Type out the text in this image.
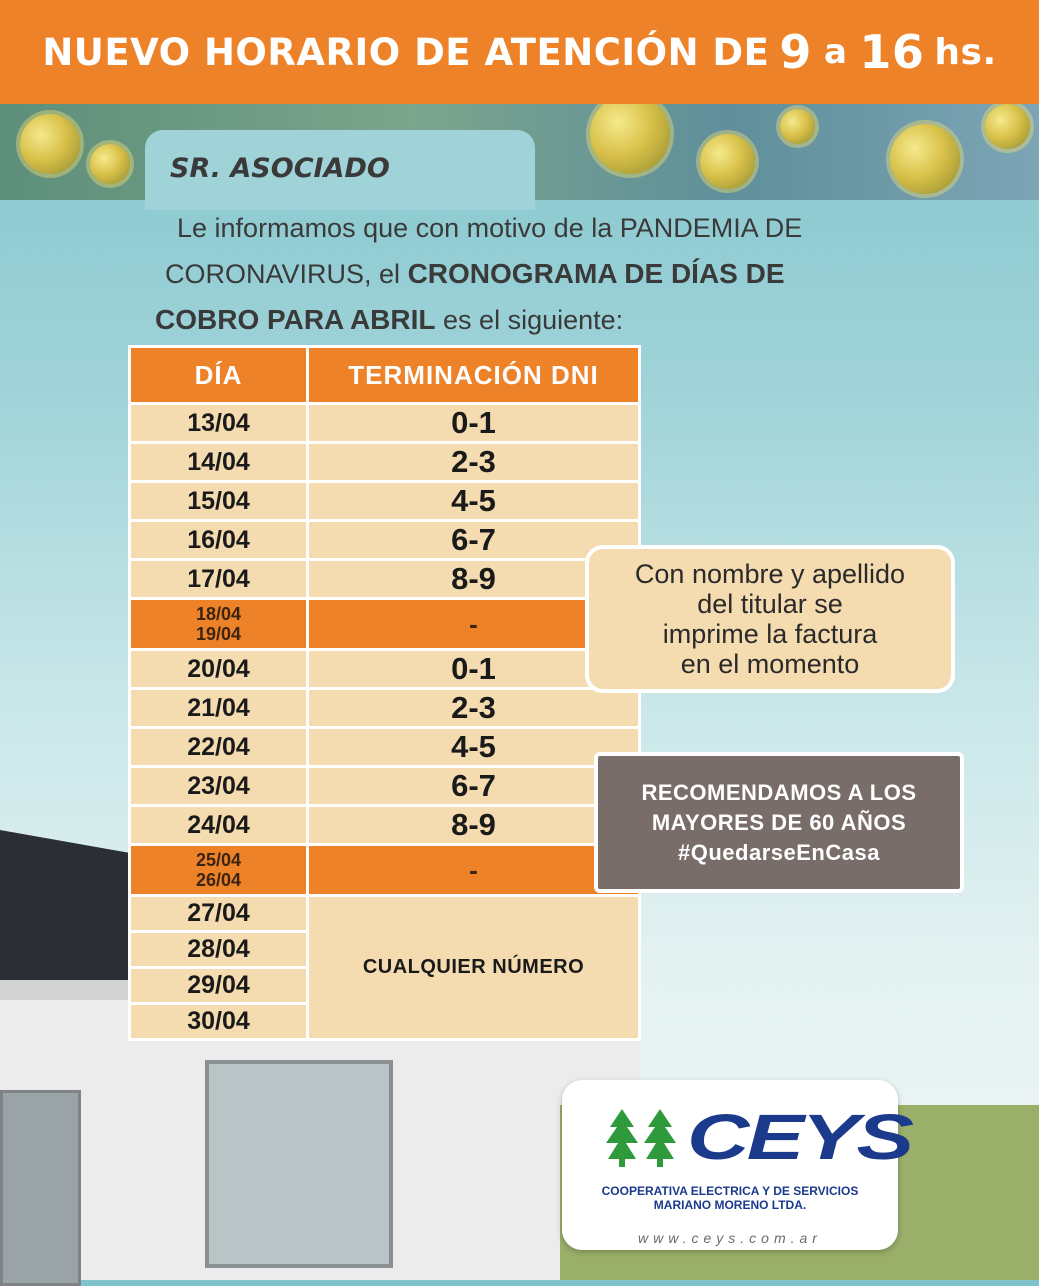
NUEVO HORARIO DE ATENCIÓN DE 9 a 16 hs.
SR. ASOCIADO
Le informamos que con motivo de la PANDEMIA DE
CORONAVIRUS, el CRONOGRAMA DE DÍAS DE
COBRO PARA ABRIL es el siguiente:
DÍA	TERMINACIÓN DNI
13/04	0-1
14/04	2-3
15/04	4-5
16/04	6-7
17/04	8-9

18/04
19/04	-
20/04	0-1
21/04	2-3
22/04	4-5
23/04	6-7
24/04	8-9

25/04
26/04	-
27/04	CUALQUIER NÚMERO
28/04	
29/04	
30/04	
Con nombre y apellido
del titular se
imprime la factura
en el momento
RECOMENDAMOS A LOS
MAYORES DE 60 AÑOS
#QuedarseEnCasa
CEYS
COOPERATIVA ELECTRICA Y DE SERVICIOS
MARIANO MORENO LTDA.
www.ceys.com.ar
